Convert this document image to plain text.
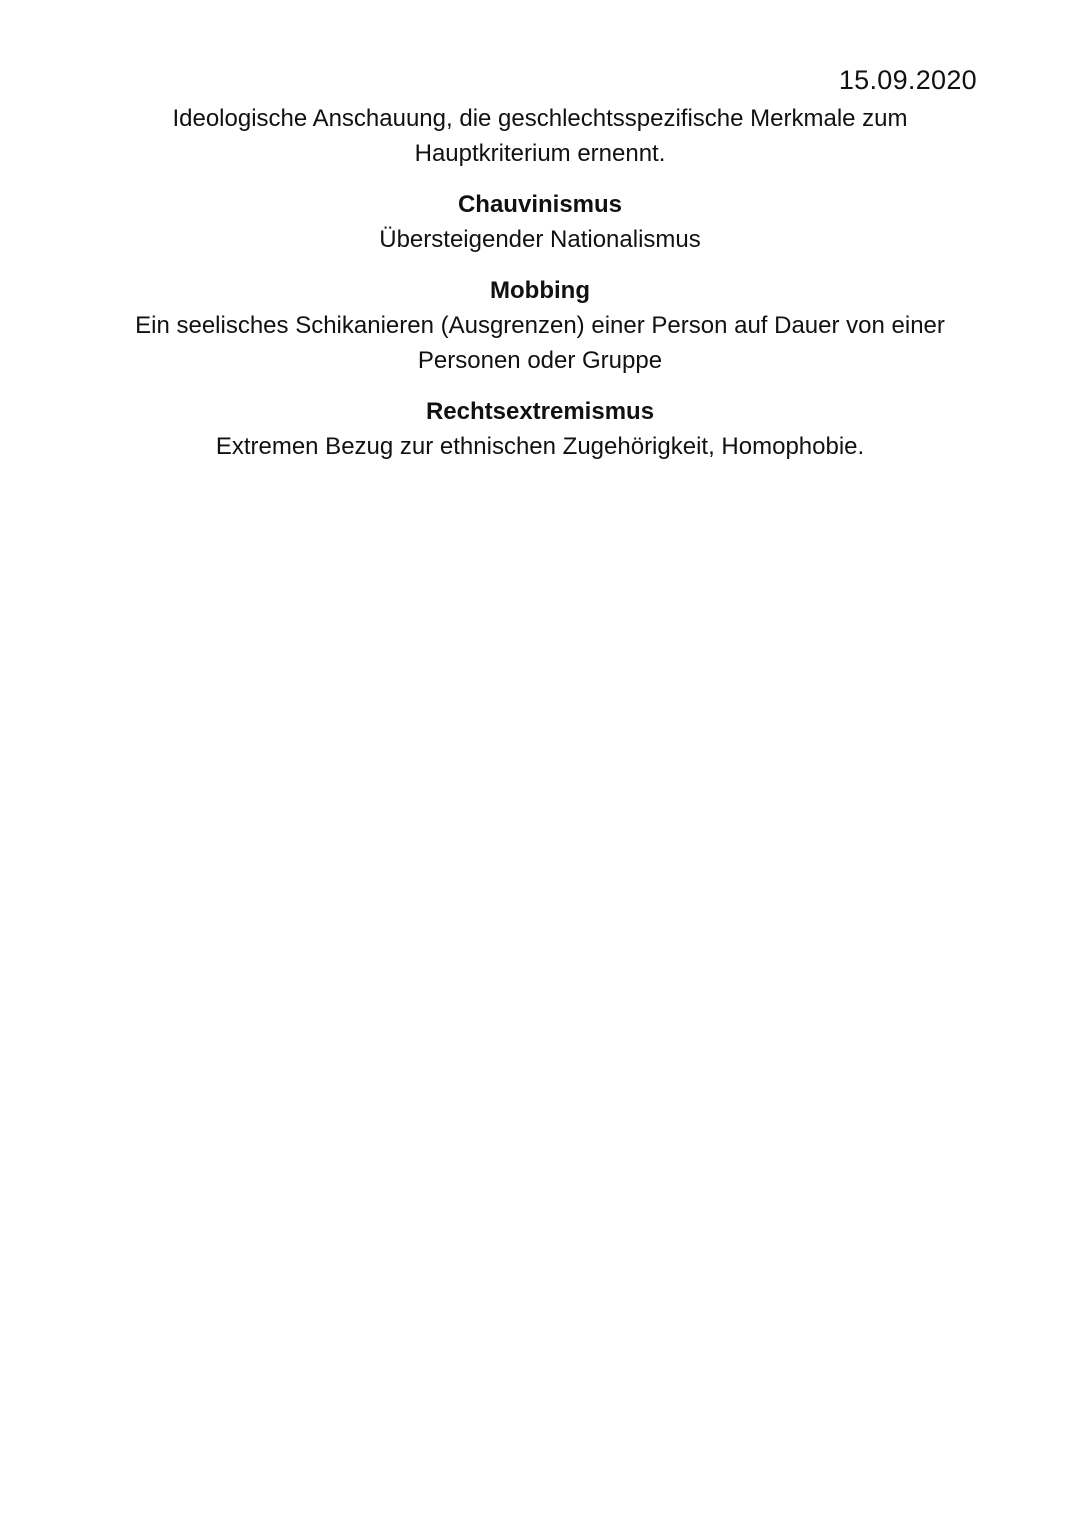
15.09.2020

Ideologische Anschauung, die geschlechtsspezifische Merkmale zum

Hauptkriterium ernennt.

Chauvinismus

Übersteigender Nationalismus

Mobbing

Ein seelisches Schikanieren (Ausgrenzen) einer Person auf Dauer von einer

Personen oder Gruppe

Rechtsextremismus

Extremen Bezug zur ethnischen Zugehörigkeit, Homophobie.
